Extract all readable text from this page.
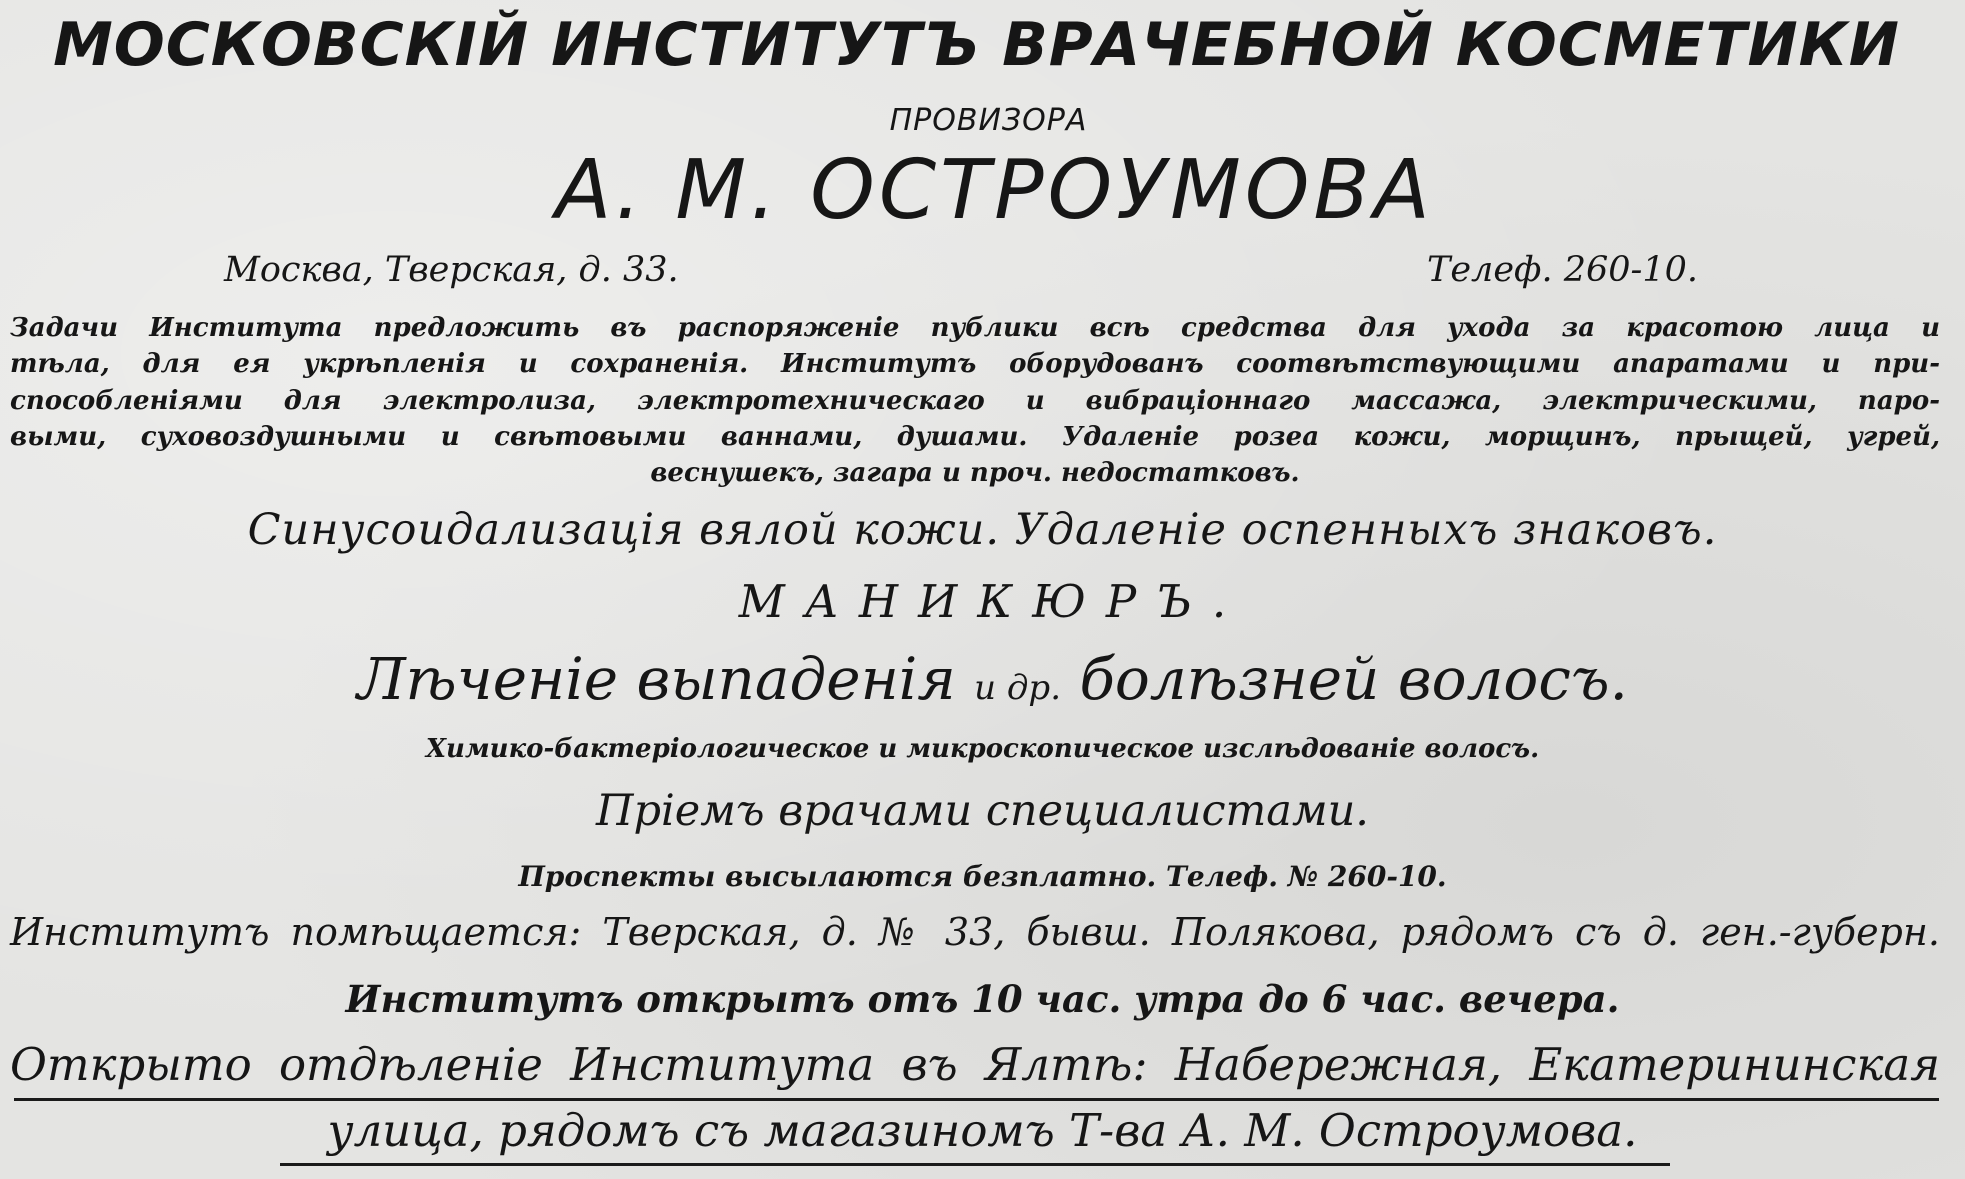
МОСКОВСКIЙ ИНСТИТУТЪ ВРАЧЕБНОЙ КОСМЕТИКИ
ПРОВИЗОРА
А. М. ОСТРОУМОВА
Москва, Тверская, д. 33.	Телеф. 260-10.
Задачи Института предложить въ распоряженiе публики всѣ средства для ухода за красотою лица и
тѣла, для ея укрѣпленiя и сохраненiя. Институтъ оборудованъ соотвѣтствующими апаратами и при-
способленiями для электролиза, электротехническаго и вибрацiоннаго массажа, электрическими, паро-
выми, суховоздушными и свѣтовыми ваннами, душами. Удаленiе розеа кожи, морщинъ, прыщей, угрей,
веснушекъ, загара и проч. недостатковъ.
Синусоидализацiя вялой кожи. Удаленiе оспенныхъ знаковъ.
МАНИКЮРЪ.
Лѣченiе выпаденiя и др. болѣзней волосъ.
Химико-бактерiологическое и микроскопическое изслѣдованiе волосъ.
Прiемъ врачами специалистами.
Проспекты высылаются безплатно. Телеф. № 260-10.
Институтъ помѣщается: Тверская, д. № 33, бывш. Полякова, рядомъ съ д. ген.-губерн.
Институтъ открытъ отъ 10 час. утра до 6 час. вечера.
Открыто отдѣленiе Института въ Ялтѣ: Набережная, Екатерининская
улица, рядомъ съ магазиномъ Т-ва А. М. Остроумова.
